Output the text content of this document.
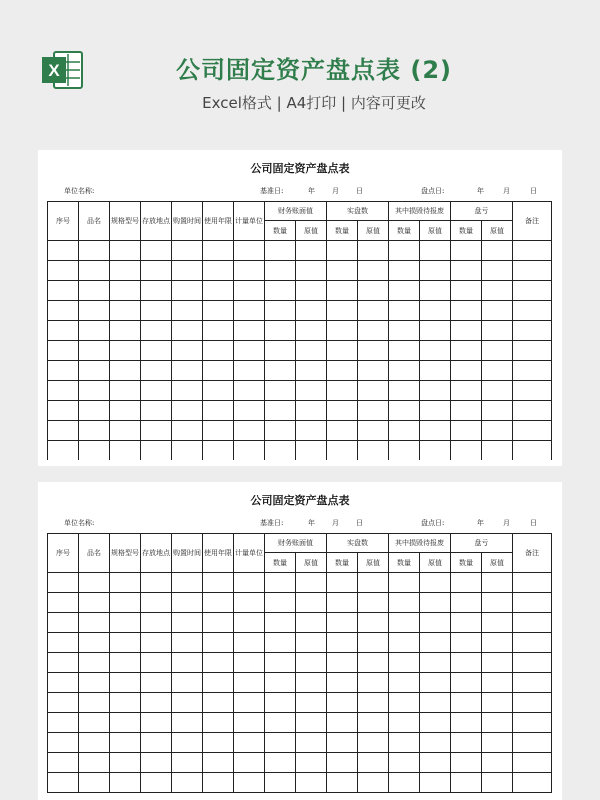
X	公司固定资产盘点表 (2)
Excel格式 | A4打印 | 内容可更改
公司固定资产盘点表
单位名称:	基准日:	年 月 日	盘点日:	年	月	日
序号	品名	规格型号	存放地点	购置时间	使用年限	计量单位	财务账面值		实盘数		其中损毁待报废		盘亏		备注
							数量	原值	数量	原值	数量	原值	数量	原值	

公司固定资产盘点表
单位名称:	基准日:	年 月 日	盘点日:	年	月	日
序号	品名	规格型号	存放地点	购置时间	使用年限	计量单位	财务账面值		实盘数		其中损毁待报废		盘亏		备注
							数量	原值	数量	原值	数量	原值	数量	原值	
